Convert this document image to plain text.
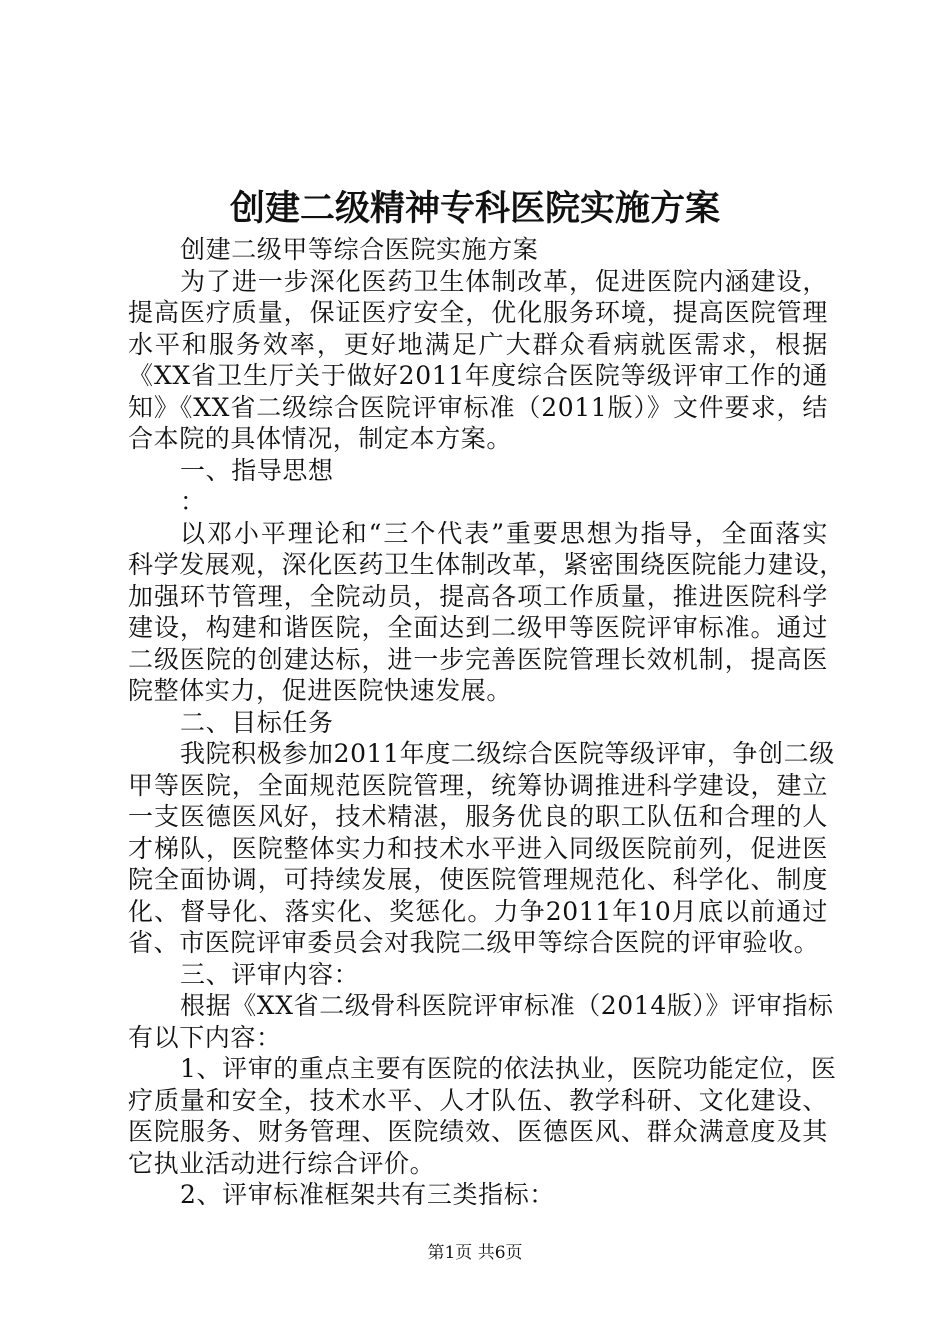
创建二级精神专科医院实施方案
创建二级甲等综合医院实施方案
为了进一步深化医药卫生体制改革，促进医院内涵建设，
提高医疗质量，保证医疗安全，优化服务环境，提高医院管理
水平和服务效率，更好地满足广大群众看病就医需求，根据
《XX省卫生厅关于做好2011年度综合医院等级评审工作的通
知》《XX省二级综合医院评审标准（2011版）》文件要求，结
合本院的具体情况，制定本方案。
一、指导思想
：
以邓小平理论和“三个代表”重要思想为指导，全面落实
科学发展观，深化医药卫生体制改革，紧密围绕医院能力建设，
加强环节管理，全院动员，提高各项工作质量，推进医院科学
建设，构建和谐医院，全面达到二级甲等医院评审标准。通过
二级医院的创建达标，进一步完善医院管理长效机制，提高医
院整体实力，促进医院快速发展。
二、目标任务
我院积极参加2011年度二级综合医院等级评审，争创二级
甲等医院，全面规范医院管理，统筹协调推进科学建设，建立
一支医德医风好，技术精湛，服务优良的职工队伍和合理的人
才梯队，医院整体实力和技术水平进入同级医院前列，促进医
院全面协调，可持续发展，使医院管理规范化、科学化、制度
化、督导化、落实化、奖惩化。力争2011年10月底以前通过
省、市医院评审委员会对我院二级甲等综合医院的评审验收。
三、评审内容：
根据《XX省二级骨科医院评审标准（2014版）》评审指标
有以下内容：
1、评审的重点主要有医院的依法执业，医院功能定位，医
疗质量和安全，技术水平、人才队伍、教学科研、文化建设、
医院服务、财务管理、医院绩效、医德医风、群众满意度及其
它执业活动进行综合评价。
2、评审标准框架共有三类指标：
第1页 共6页
